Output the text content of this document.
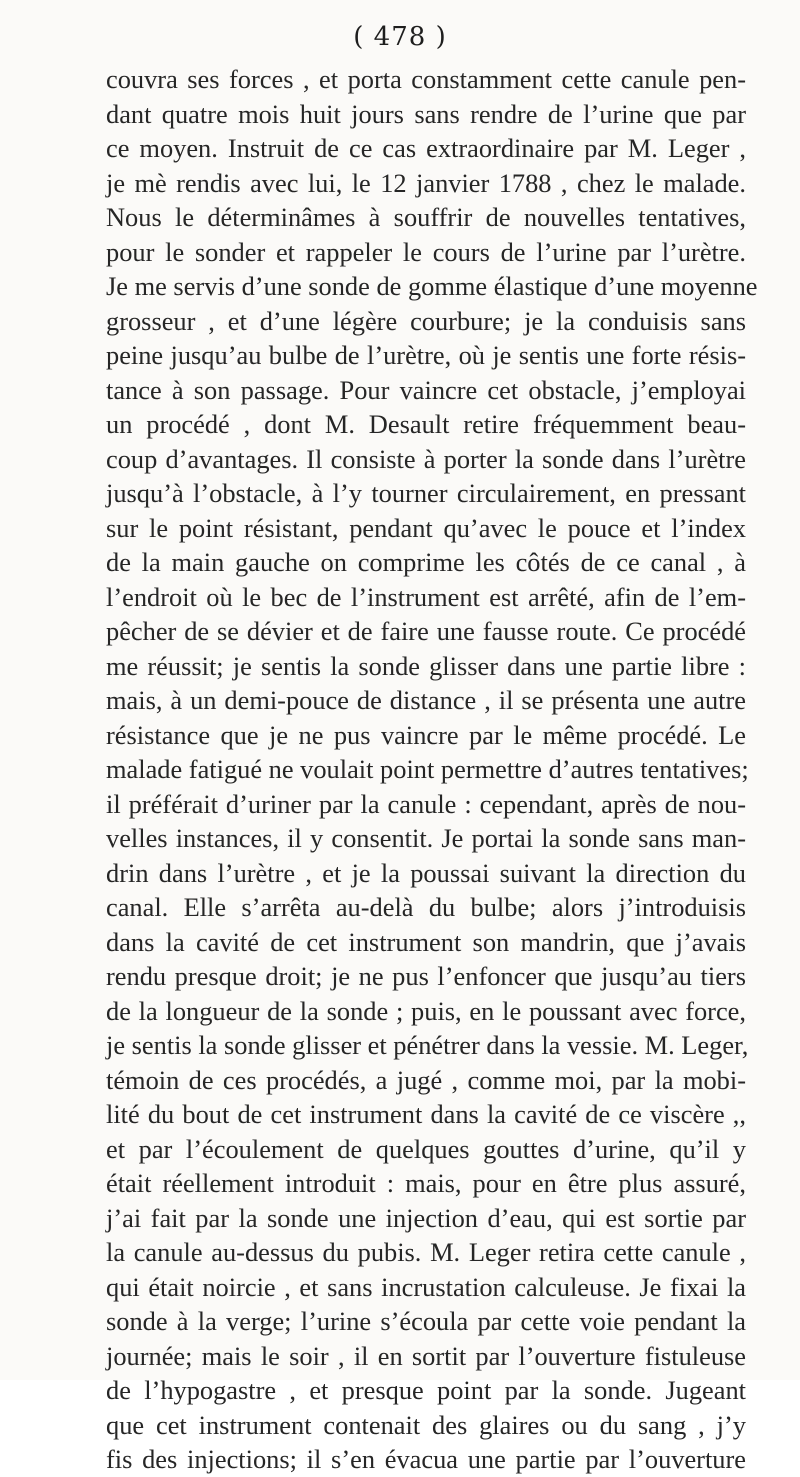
( 478 )
couvra ses forces , et porta constamment cette canule pen-
dant quatre mois huit jours sans rendre de l’urine que par
ce moyen. Instruit de ce cas extraordinaire par M. Leger ,
je mè rendis avec lui, le 12 janvier 1788 , chez le malade.
Nous le déterminâmes à souffrir de nouvelles tentatives,
pour le sonder et rappeler le cours de l’urine par l’urètre.
Je me servis d’une sonde de gomme élastique d’une moyenne
grosseur , et d’une légère courbure; je la conduisis sans
peine jusqu’au bulbe de l’urètre, où je sentis une forte résis-
tance à son passage. Pour vaincre cet obstacle, j’employai
un procédé , dont M. Desault retire fréquemment beau-
coup d’avantages. Il consiste à porter la sonde dans l’urètre
jusqu’à l’obstacle, à l’y tourner circulairement, en pressant
sur le point résistant, pendant qu’avec le pouce et l’index
de la main gauche on comprime les côtés de ce canal , à
l’endroit où le bec de l’instrument est arrêté, afin de l’em-
pêcher de se dévier et de faire une fausse route. Ce procédé
me réussit; je sentis la sonde glisser dans une partie libre :
mais, à un demi-pouce de distance , il se présenta une autre
résistance que je ne pus vaincre par le même procédé. Le
malade fatigué ne voulait point permettre d’autres tentatives;
il préférait d’uriner par la canule : cependant, après de nou-
velles instances, il y consentit. Je portai la sonde sans man-
drin dans l’urètre , et je la poussai suivant la direction du
canal. Elle s’arrêta au-delà du bulbe; alors j’introduisis
dans la cavité de cet instrument son mandrin, que j’avais
rendu presque droit; je ne pus l’enfoncer que jusqu’au tiers
de la longueur de la sonde ; puis, en le poussant avec force,
je sentis la sonde glisser et pénétrer dans la vessie. M. Leger,
témoin de ces procédés, a jugé , comme moi, par la mobi-
lité du bout de cet instrument dans la cavité de ce viscère ,,
et par l’écoulement de quelques gouttes d’urine, qu’il y
était réellement introduit : mais, pour en être plus assuré,
j’ai fait par la sonde une injection d’eau, qui est sortie par
la canule au-dessus du pubis. M. Leger retira cette canule ,
qui était noircie , et sans incrustation calculeuse. Je fixai la
sonde à la verge; l’urine s’écoula par cette voie pendant la
journée; mais le soir , il en sortit par l’ouverture fistuleuse
de l’hypogastre , et presque point par la sonde. Jugeant
que cet instrument contenait des glaires ou du sang , j’y
fis des injections; il s’en évacua une partie par l’ouverture
